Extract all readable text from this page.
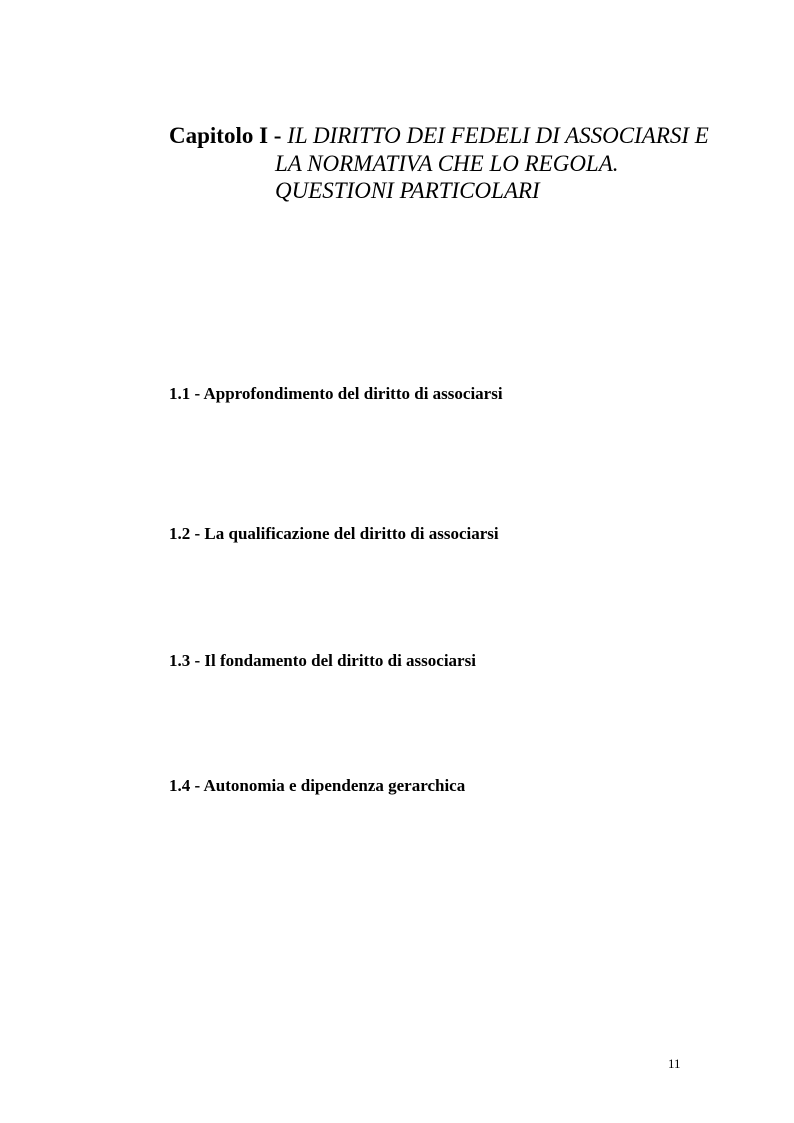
Capitolo I - IL DIRITTO DEI FEDELI DI ASSOCIARSI E
LA NORMATIVA CHE LO REGOLA.
QUESTIONI PARTICOLARI
1.1 - Approfondimento del diritto di associarsi
1.2 - La qualificazione del diritto di associarsi
1.3 - Il fondamento del diritto di associarsi
1.4 - Autonomia e dipendenza gerarchica
11
